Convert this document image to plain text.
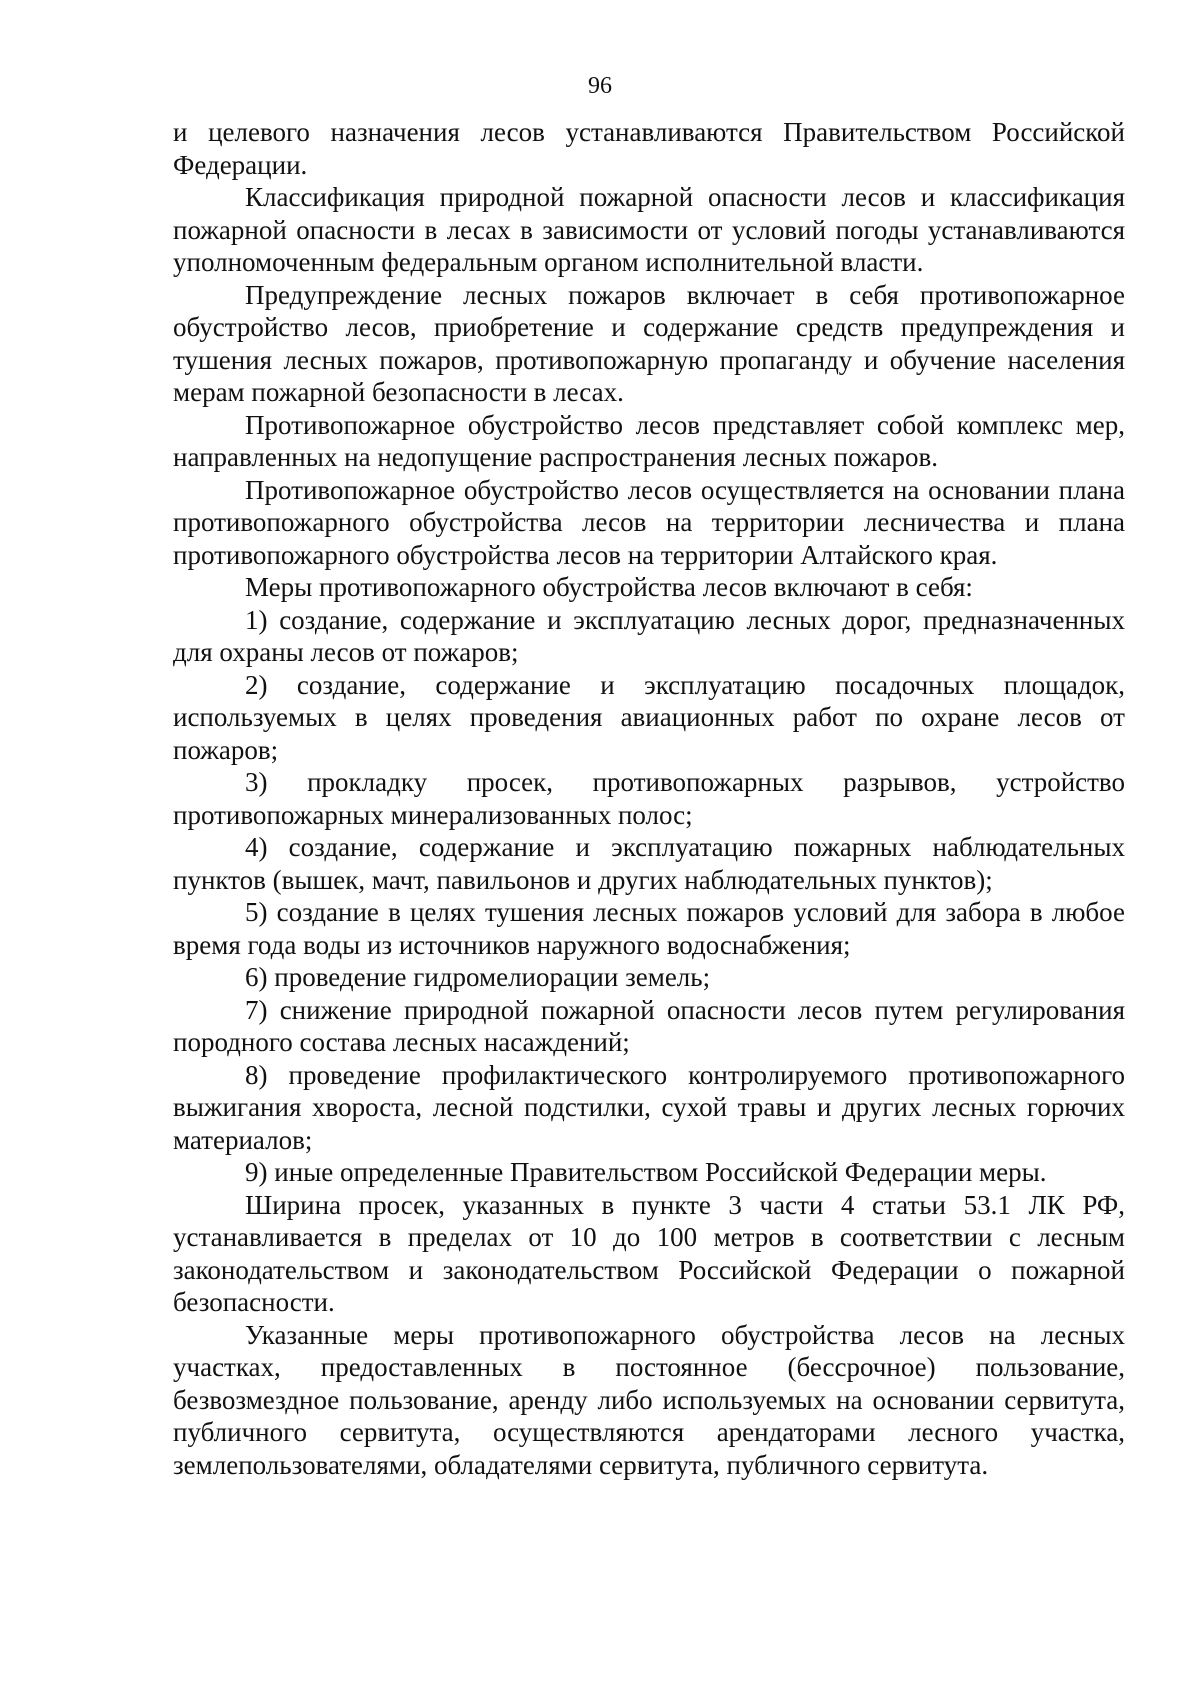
96

и целевого назначения лесов устанавливаются Правительством Российской Федерации.

Классификация природной пожарной опасности лесов и классификация пожарной опасности в лесах в зависимости от условий погоды устанавливаются уполномоченным федеральным органом исполнительной власти.

Предупреждение лесных пожаров включает в себя противопожарное обустройство лесов, приобретение и содержание средств предупреждения и тушения лесных пожаров, противопожарную пропаганду и обучение населения мерам пожарной безопасности в лесах.

Противопожарное обустройство лесов представляет собой комплекс мер, направленных на недопущение распространения лесных пожаров.

Противопожарное обустройство лесов осуществляется на основании плана противопожарного обустройства лесов на территории лесничества и плана противопожарного обустройства лесов на территории Алтайского края.

Меры противопожарного обустройства лесов включают в себя:

1) создание, содержание и эксплуатацию лесных дорог, предназначенных для охраны лесов от пожаров;

2) создание, содержание и эксплуатацию посадочных площадок, используемых в целях проведения авиационных работ по охране лесов от пожаров;

3) прокладку просек, противопожарных разрывов, устройство противопожарных минерализованных полос;

4) создание, содержание и эксплуатацию пожарных наблюдательных пунктов (вышек, мачт, павильонов и других наблюдательных пунктов);

5) создание в целях тушения лесных пожаров условий для забора в любое время года воды из источников наружного водоснабжения;

6) проведение гидромелиорации земель;

7) снижение природной пожарной опасности лесов путем регулирования породного состава лесных насаждений;

8) проведение профилактического контролируемого противопожарного выжигания хвороста, лесной подстилки, сухой травы и других лесных горючих материалов;

9) иные определенные Правительством Российской Федерации меры.

Ширина просек, указанных в пункте 3 части 4 статьи 53.1 ЛК РФ, устанавливается в пределах от 10 до 100 метров в соответствии с лесным законодательством и законодательством Российской Федерации о пожарной безопасности.

Указанные меры противопожарного обустройства лесов на лесных участках, предоставленных в постоянное (бессрочное) пользование, безвозмездное пользование, аренду либо используемых на основании сервитута, публичного сервитута, осуществляются арендаторами лесного участка, землепользователями, обладателями сервитута, публичного сервитута.
